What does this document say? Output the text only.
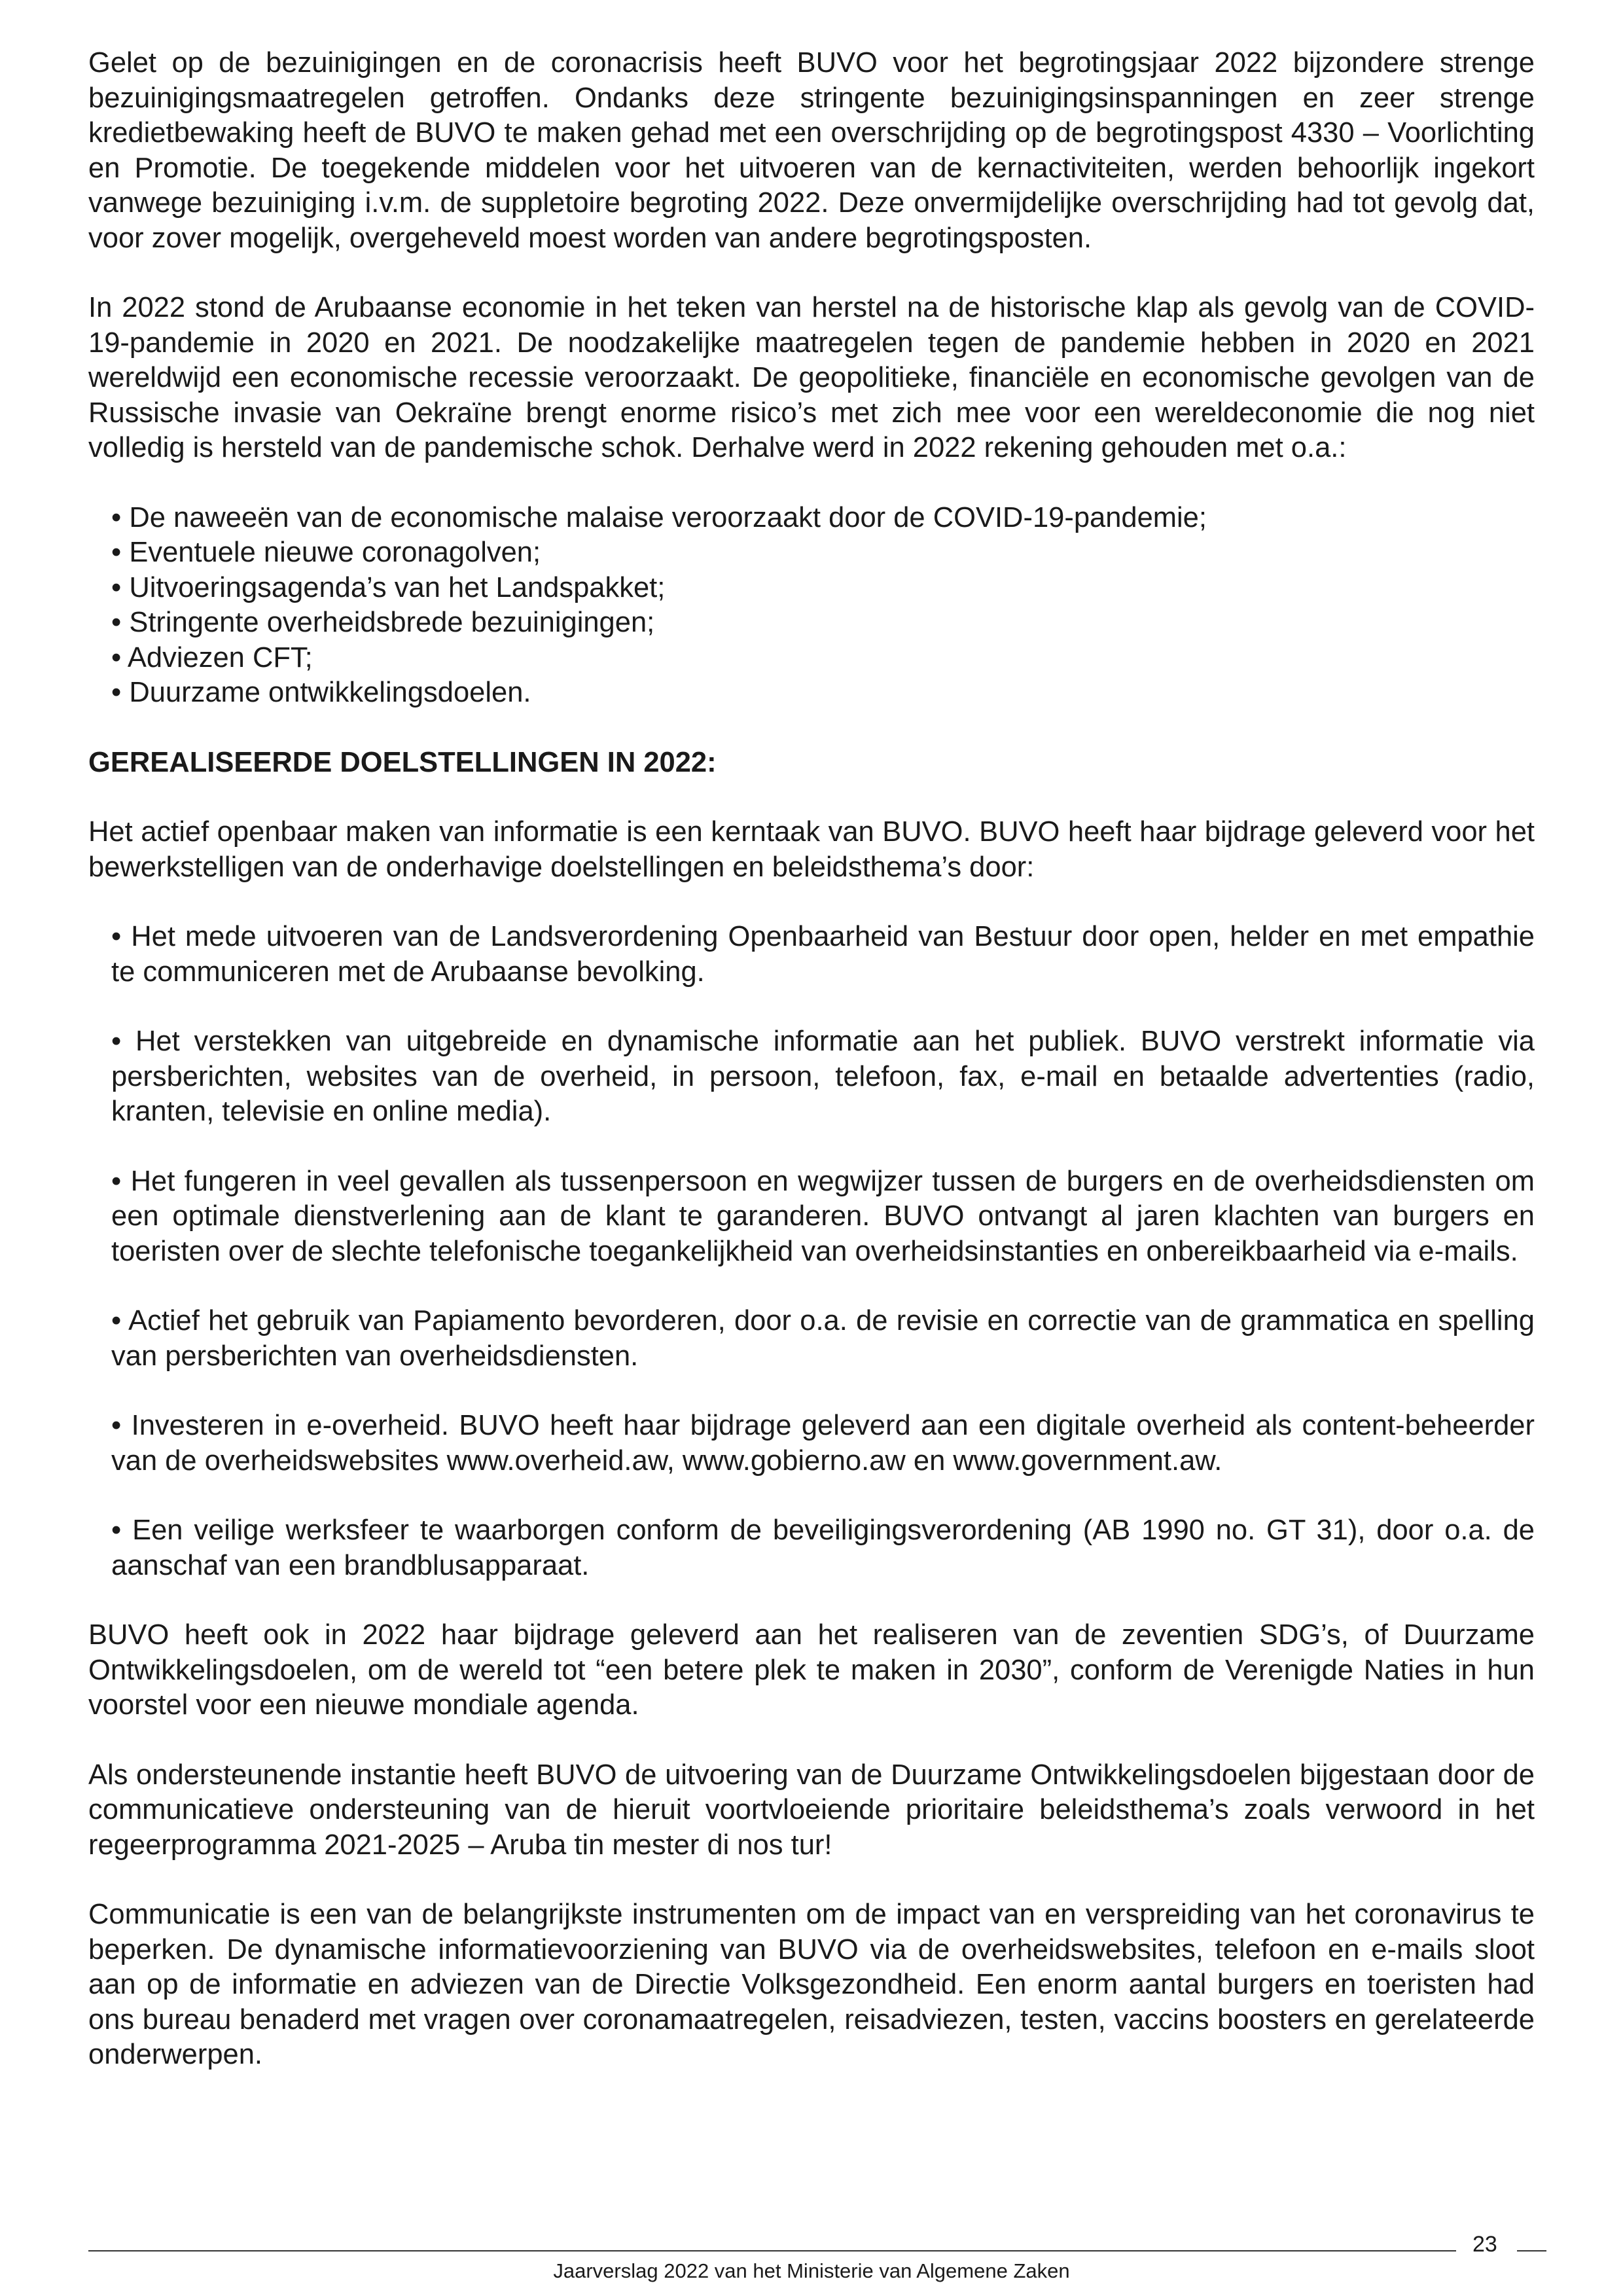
Gelet op de bezuinigingen en de coronacrisis heeft BUVO voor het begrotingsjaar 2022 bijzondere strenge bezuinigingsmaatregelen getroffen. Ondanks deze stringente bezuinigingsinspanningen en zeer strenge kredietbewaking heeft de BUVO te maken gehad met een overschrijding op de begrotingspost 4330 – Voorlichting en Promotie. De toegekende middelen voor het uitvoeren van de kernactiviteiten, werden behoorlijk ingekort vanwege bezuiniging i.v.m. de suppletoire begroting 2022. Deze onvermijdelijke overschrijding had tot gevolg dat, voor zover mogelijk, overgeheveld moest worden van andere begrotingsposten.

In 2022 stond de Arubaanse economie in het teken van herstel na de historische klap als gevolg van de COVID-19-pandemie in 2020 en 2021. De noodzakelijke maatregelen tegen de pandemie hebben in 2020 en 2021 wereldwijd een economische recessie veroorzaakt. De geopolitieke, financiële en economische gevolgen van de Russische invasie van Oekraïne brengt enorme risico’s met zich mee voor een wereldeconomie die nog niet volledig is hersteld van de pandemische schok. Derhalve werd in 2022 rekening gehouden met o.a.:

• De naweeën van de economische malaise veroorzaakt door de COVID-19-pandemie;
• Eventuele nieuwe coronagolven;
• Uitvoeringsagenda’s van het Landspakket;
• Stringente overheidsbrede bezuinigingen;
• Adviezen CFT;
• Duurzame ontwikkelingsdoelen.
GEREALISEERDE DOELSTELLINGEN IN 2022:

Het actief openbaar maken van informatie is een kerntaak van BUVO. BUVO heeft haar bijdrage geleverd voor het bewerkstelligen van de onderhavige doelstellingen en beleidsthema’s door:

• Het mede uitvoeren van de Landsverordening Openbaarheid van Bestuur door open, helder en met empathie te communiceren met de Arubaanse bevolking.
• Het verstekken van uitgebreide en dynamische informatie aan het publiek. BUVO verstrekt informatie via persberichten, websites van de overheid, in persoon, telefoon, fax, e-mail en betaalde advertenties (radio, kranten, televisie en online media).
• Het fungeren in veel gevallen als tussenpersoon en wegwijzer tussen de burgers en de overheidsdiensten om een optimale dienstverlening aan de klant te garanderen. BUVO ontvangt al jaren klachten van burgers en toeristen over de slechte telefonische toegankelijkheid van overheidsinstanties en onbereikbaarheid via e-mails.
• Actief het gebruik van Papiamento bevorderen, door o.a. de revisie en correctie van de grammatica en spelling van persberichten van overheidsdiensten.
• Investeren in e-overheid. BUVO heeft haar bijdrage geleverd aan een digitale overheid als content-beheerder van de overheidswebsites www.overheid.aw, www.gobierno.aw en www.government.aw.
• Een veilige werksfeer te waarborgen conform de beveiligingsverordening (AB 1990 no. GT 31), door o.a. de aanschaf van een brandblusapparaat.

BUVO heeft ook in 2022 haar bijdrage geleverd aan het realiseren van de zeventien SDG’s, of Duurzame Ontwikkelingsdoelen, om de wereld tot “een betere plek te maken in 2030”, conform de Verenigde Naties in hun voorstel voor een nieuwe mondiale agenda.

Als ondersteunende instantie heeft BUVO de uitvoering van de Duurzame Ontwikkelingsdoelen bijgestaan door de communicatieve ondersteuning van de hieruit voortvloeiende prioritaire beleidsthema’s zoals verwoord in het regeerprogramma 2021-2025 – Aruba tin mester di nos tur!

Communicatie is een van de belangrijkste instrumenten om de impact van en verspreiding van het coronavirus te beperken. De dynamische informatievoorziening van BUVO via de overheidswebsites, telefoon en e-mails sloot aan op de informatie en adviezen van de Directie Volksgezondheid. Een enorm aantal burgers en toeristen had ons bureau benaderd met vragen over coronamaatregelen, reisadviezen, testen, vaccins boosters en gerelateerde onderwerpen.

23
Jaarverslag 2022 van het Ministerie van Algemene Zaken
